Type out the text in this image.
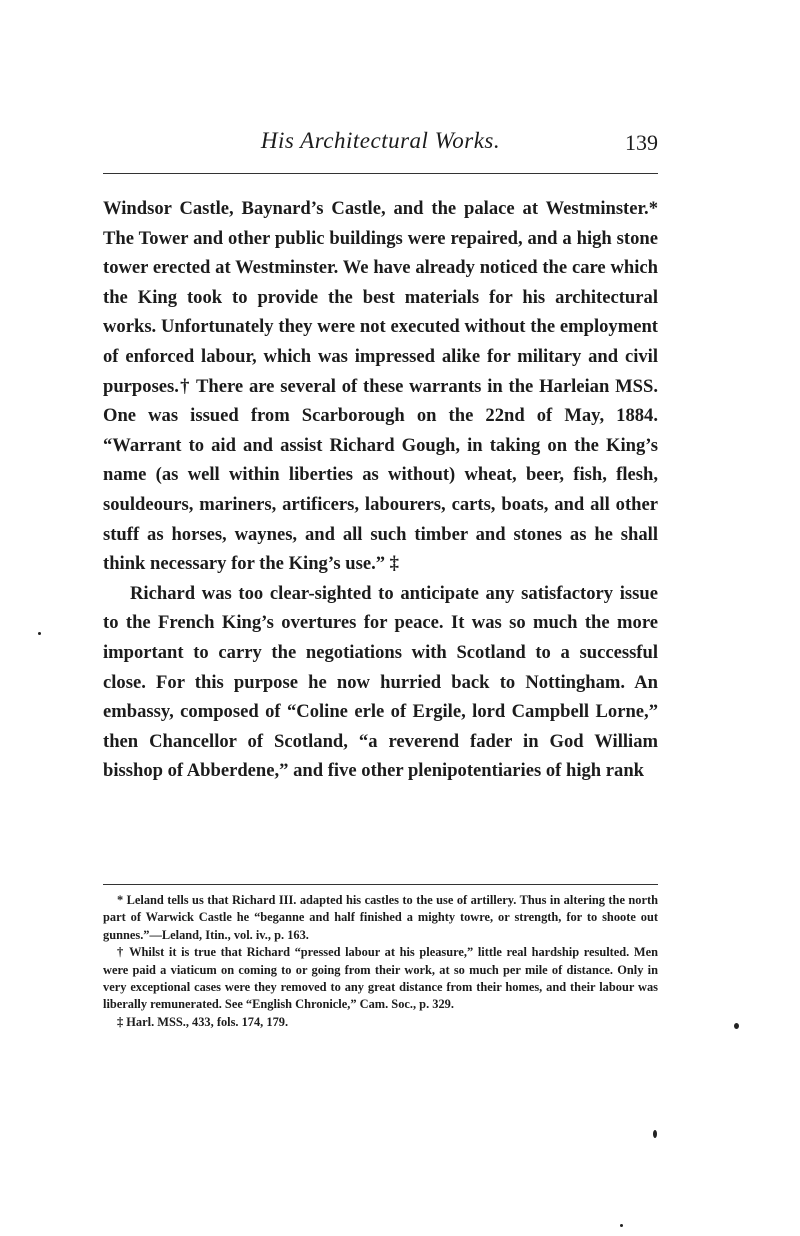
His Architectural Works.	139

Windsor Castle, Baynard’s Castle, and the palace at Westminster.* The Tower and other public buildings were repaired, and a high stone tower erected at Westminster. We have already noticed the care which the King took to provide the best materials for his architectural works. Unfortunately they were not executed without the employment of enforced labour, which was impressed alike for military and civil purposes.† There are several of these warrants in the Harleian MSS. One was issued from Scarborough on the 22nd of May, 1884. “Warrant to aid and assist Richard Gough, in taking on the King’s name (as well within liberties as without) wheat, beer, fish, flesh, souldeours, mariners, artificers, labourers, carts, boats, and all other stuff as horses, waynes, and all such timber and stones as he shall think necessary for the King’s use.” ‡

Richard was too clear-sighted to anticipate any satisfactory issue to the French King’s overtures for peace. It was so much the more important to carry the negotiations with Scotland to a successful close. For this purpose he now hurried back to Nottingham. An embassy, composed of “Coline erle of Ergile, lord Campbell Lorne,” then Chancellor of Scotland, “a reverend fader in God William bisshop of Abberdene,” and five other plenipotentiaries of high rank

* Leland tells us that Richard III. adapted his castles to the use of artillery. Thus in altering the north part of Warwick Castle he “beganne and half finished a mighty towre, or strength, for to shoote out gunnes.”—Leland, Itin., vol. iv., p. 163.

† Whilst it is true that Richard “pressed labour at his pleasure,” little real hardship resulted. Men were paid a viaticum on coming to or going from their work, at so much per mile of distance. Only in very exceptional cases were they removed to any great distance from their homes, and their labour was liberally remunerated. See “English Chronicle,” Cam. Soc., p. 329.

‡ Harl. MSS., 433, fols. 174, 179.
